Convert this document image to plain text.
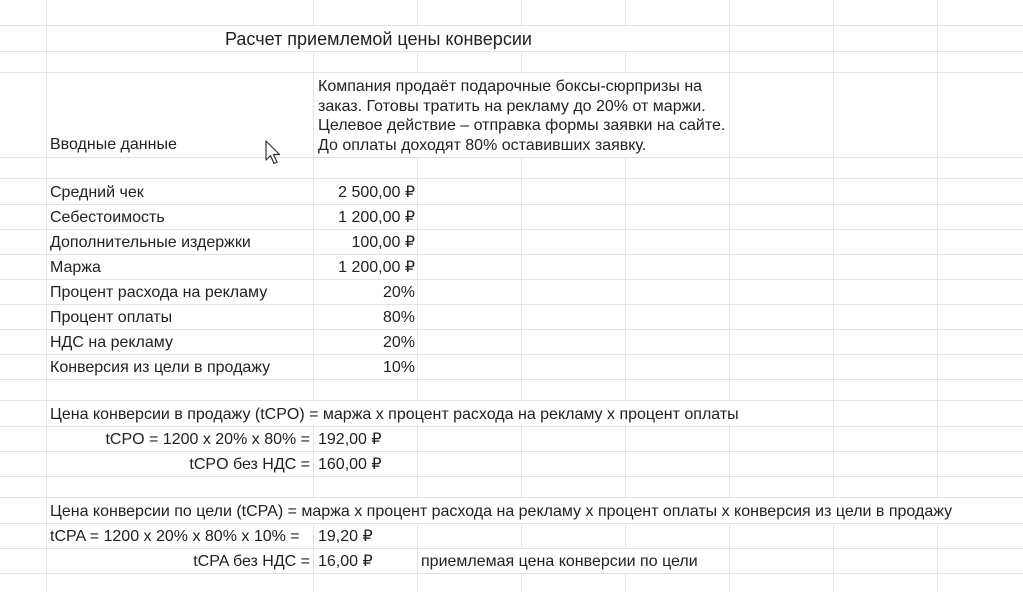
Расчет приемлемой цены конверсии
Вводные данные
Компания продаёт подарочные боксы-сюрпризы на заказ. Готовы тратить на рекламу до 20% от маржи. Целевое действие – отправка формы заявки на сайте. До оплаты доходят 80% оставивших заявку.
Средний чек	2 500,00 ₽
Себестоимость	1 200,00 ₽
Дополнительные издержки	100,00 ₽
Маржа	1 200,00 ₽
Процент расхода на рекламу	20%
Процент оплаты	80%
НДС на рекламу	20%
Конверсия из цели в продажу	10%
Цена конверсии в продажу (tCPO) = маржа х процент расхода на рекламу х процент оплаты
tCPO = 1200 х 20% х 80% = 192,00 ₽
tCPO без НДС = 160,00 ₽
Цена конверсии по цели (tCPA) = маржа х процент расхода на рекламу х процент оплаты х конверсия из цели в продажу
tCPA = 1200 х 20% х 80% х 10% = 19,20 ₽
tCPA без НДС = 16,00 ₽	приемлемая цена конверсии по цели
